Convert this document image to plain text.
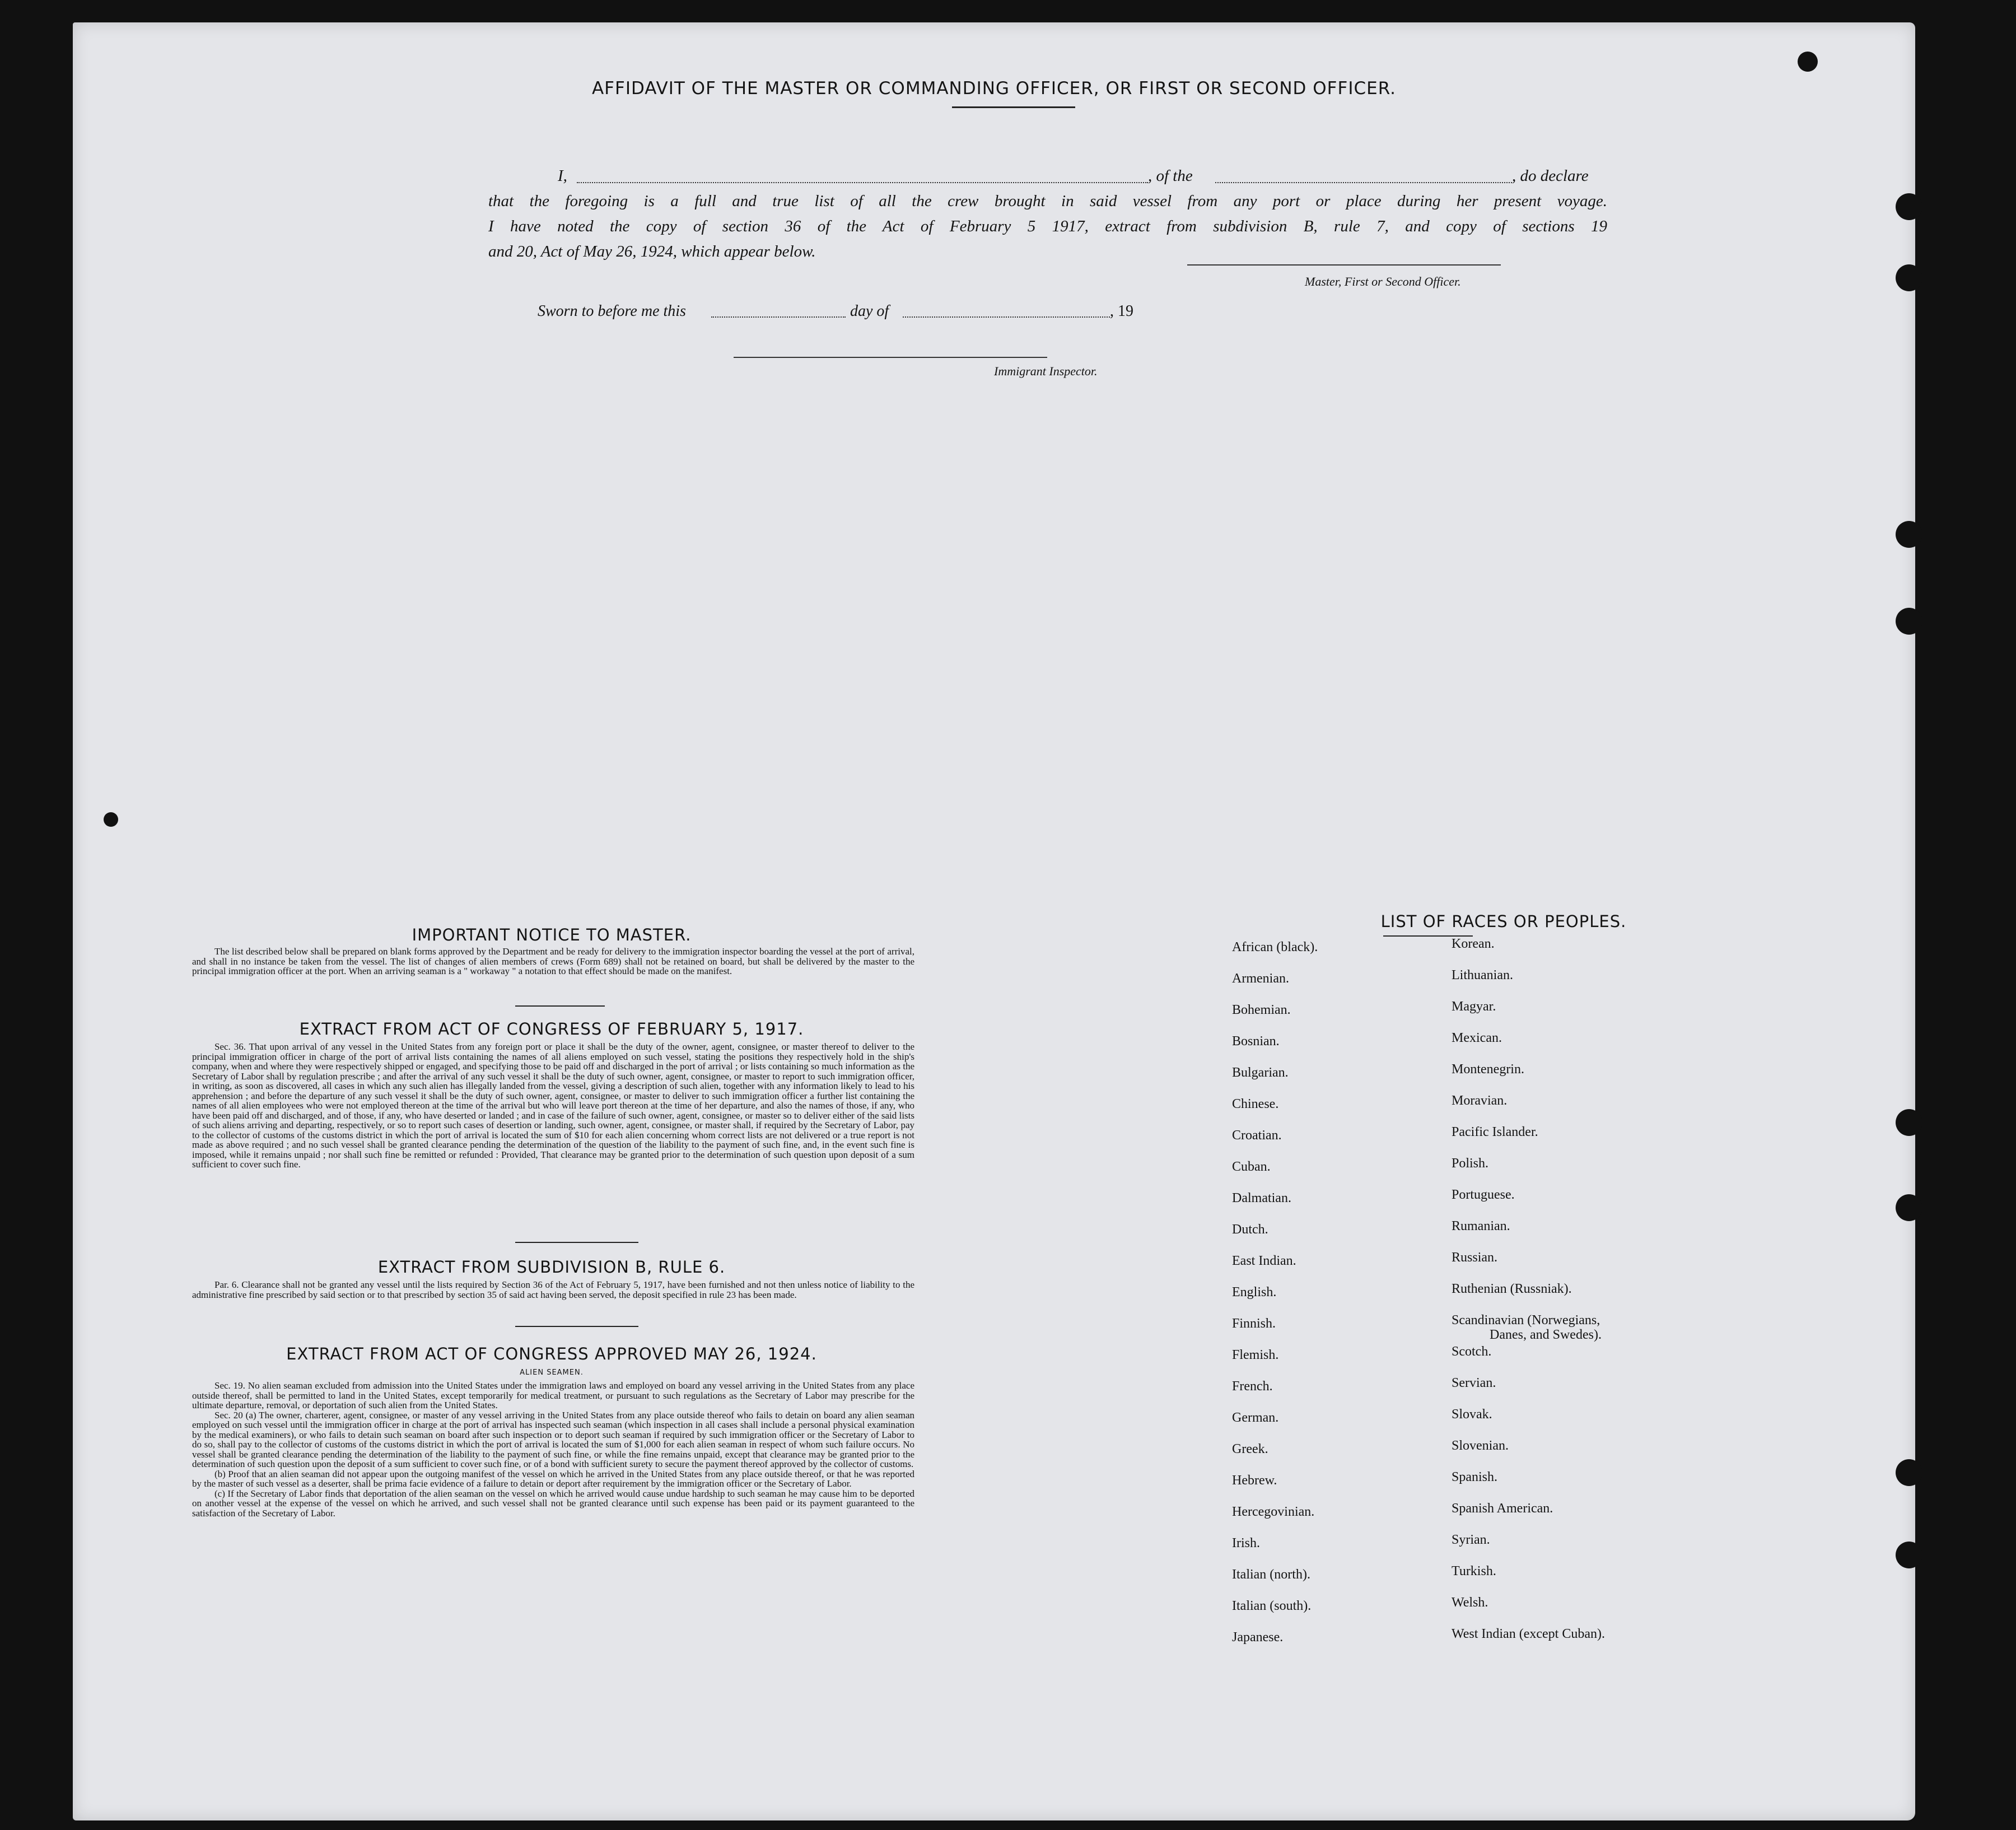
AFFIDAVIT OF THE MASTER OR COMMANDING OFFICER, OR FIRST OR SECOND OFFICER.
I,	, of the	, do declare
that the foregoing is a full and true list of all the crew brought in said vessel from any port or place during her present voyage.
I have noted the copy of section 36 of the Act of February 5 1917, extract from subdivision B, rule 7, and copy of sections 19
and 20, Act of May 26, 1924, which appear below.
Master, First or Second Officer.
Sworn to before me this	day of	, 19
Immigrant Inspector.
IMPORTANT NOTICE TO MASTER.

The list described below shall be prepared on blank forms approved by the Department and be ready for delivery to the immigration inspector boarding the vessel at the port of arrival, and shall in no instance be taken from the vessel. The list of changes of alien members of crews (Form 689) shall not be retained on board, but shall be delivered by the master to the principal immigration officer at the port. When an arriving seaman is a " workaway " a notation to that effect should be made on the manifest.

EXTRACT FROM ACT OF CONGRESS OF FEBRUARY 5, 1917.

Sec. 36. That upon arrival of any vessel in the United States from any foreign port or place it shall be the duty of the owner, agent, consignee, or master thereof to deliver to the principal immigration officer in charge of the port of arrival lists containing the names of all aliens employed on such vessel, stating the positions they respectively hold in the ship's company, when and where they were respectively shipped or engaged, and specifying those to be paid off and discharged in the port of arrival ; or lists containing so much information as the Secretary of Labor shall by regulation prescribe ; and after the arrival of any such vessel it shall be the duty of such owner, agent, consignee, or master to report to such immigration officer, in writing, as soon as discovered, all cases in which any such alien has illegally landed from the vessel, giving a description of such alien, together with any information likely to lead to his apprehension ; and before the departure of any such vessel it shall be the duty of such owner, agent, consignee, or master to deliver to such immigration officer a further list containing the names of all alien employees who were not employed thereon at the time of the arrival but who will leave port thereon at the time of her departure, and also the names of those, if any, who have been paid off and discharged, and of those, if any, who have deserted or landed ; and in case of the failure of such owner, agent, consignee, or master so to deliver either of the said lists of such aliens arriving and departing, respectively, or so to report such cases of desertion or landing, such owner, agent, consignee, or master shall, if required by the Secretary of Labor, pay to the collector of customs of the customs district in which the port of arrival is located the sum of $10 for each alien concerning whom correct lists are not delivered or a true report is not made as above required ; and no such vessel shall be granted clearance pending the determination of the question of the liability to the payment of such fine, and, in the event such fine is imposed, while it remains unpaid ; nor shall such fine be remitted or refunded : Provided, That clearance may be granted prior to the determination of such question upon deposit of a sum sufficient to cover such fine.

EXTRACT FROM SUBDIVISION B, RULE 6.

Par. 6. Clearance shall not be granted any vessel until the lists required by Section 36 of the Act of February 5, 1917, have been furnished and not then unless notice of liability to the administrative fine prescribed by said section or to that prescribed by section 35 of said act having been served, the deposit specified in rule 23 has been made.

EXTRACT FROM ACT OF CONGRESS APPROVED MAY 26, 1924.
ALIEN SEAMEN.

Sec. 19. No alien seaman excluded from admission into the United States under the immigration laws and employed on board any vessel arriving in the United States from any place outside thereof, shall be permitted to land in the United States, except temporarily for medical treatment, or pursuant to such regulations as the Secretary of Labor may prescribe for the ultimate departure, removal, or deportation of such alien from the United States.

Sec. 20 (a) The owner, charterer, agent, consignee, or master of any vessel arriving in the United States from any place outside thereof who fails to detain on board any alien seaman employed on such vessel until the immigration officer in charge at the port of arrival has inspected such seaman (which inspection in all cases shall include a personal physical examination by the medical examiners), or who fails to detain such seaman on board after such inspection or to deport such seaman if required by such immigration officer or the Secretary of Labor to do so, shall pay to the collector of customs of the customs district in which the port of arrival is located the sum of $1,000 for each alien seaman in respect of whom such failure occurs. No vessel shall be granted clearance pending the determination of the liability to the payment of such fine, or while the fine remains unpaid, except that clearance may be granted prior to the determination of such question upon the deposit of a sum sufficient to cover such fine, or of a bond with sufficient surety to secure the payment thereof approved by the collector of customs.

(b) Proof that an alien seaman did not appear upon the outgoing manifest of the vessel on which he arrived in the United States from any place outside thereof, or that he was reported by the master of such vessel as a deserter, shall be prima facie evidence of a failure to detain or deport after requirement by the immigration officer or the Secretary of Labor.

(c) If the Secretary of Labor finds that deportation of the alien seaman on the vessel on which he arrived would cause undue hardship to such seaman he may cause him to be deported on another vessel at the expense of the vessel on which he arrived, and such vessel shall not be granted clearance until such expense has been paid or its payment guaranteed to the satisfaction of the Secretary of Labor.

LIST OF RACES OR PEOPLES.
African (black).
Armenian.
Bohemian.
Bosnian.
Bulgarian.
Chinese.
Croatian.
Cuban.
Dalmatian.
Dutch.
East Indian.
English.
Finnish.
Flemish.
French.
German.
Greek.
Hebrew.
Hercegovinian.
Irish.
Italian (north).
Italian (south).
Japanese.
Korean.
Lithuanian.
Magyar.
Mexican.
Montenegrin.
Moravian.
Pacific Islander.
Polish.
Portuguese.
Rumanian.
Russian.
Ruthenian (Russniak).
Scandinavian (Norwegians,
Danes, and Swedes).
Scotch.
Servian.
Slovak.
Slovenian.
Spanish.
Spanish American.
Syrian.
Turkish.
Welsh.
West Indian (except Cuban).
